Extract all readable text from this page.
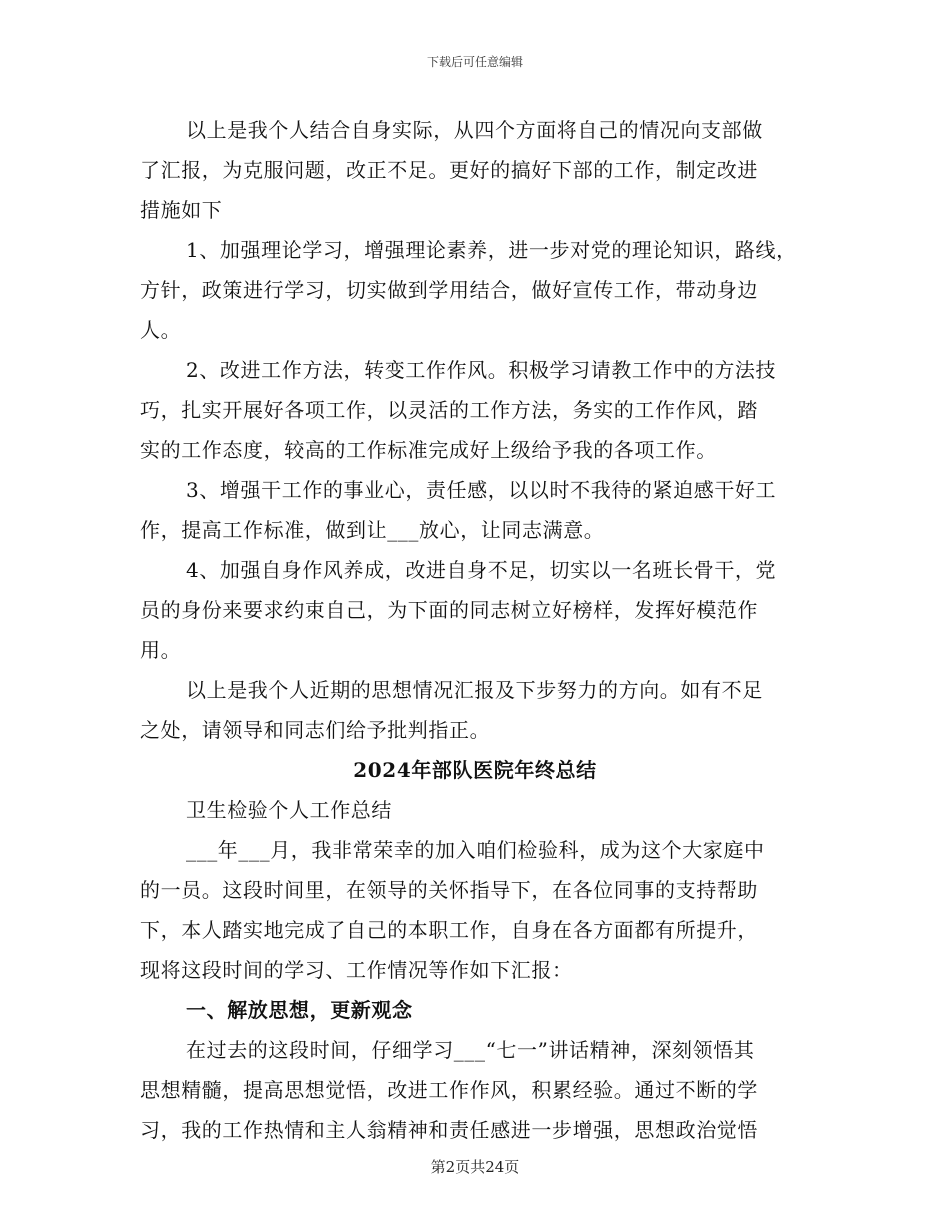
下载后可任意编辑
以上是我个人结合自身实际，从四个方面将自己的情况向支部做
了汇报，为克服问题，改正不足。更好的搞好下部的工作，制定改进
措施如下
1、加强理论学习，增强理论素养，进一步对党的理论知识，路线，
方针，政策进行学习，切实做到学用结合，做好宣传工作，带动身边
人。
2、改进工作方法，转变工作作风。积极学习请教工作中的方法技
巧，扎实开展好各项工作，以灵活的工作方法，务实的工作作风，踏
实的工作态度，较高的工作标准完成好上级给予我的各项工作。
3、增强干工作的事业心，责任感，以以时不我待的紧迫感干好工
作，提高工作标准，做到让___放心，让同志满意。
4、加强自身作风养成，改进自身不足，切实以一名班长骨干，党
员的身份来要求约束自己，为下面的同志树立好榜样，发挥好模范作
用。
以上是我个人近期的思想情况汇报及下步努力的方向。如有不足
之处，请领导和同志们给予批判指正。
2024年部队医院年终总结
卫生检验个人工作总结
___年___月，我非常荣幸的加入咱们检验科，成为这个大家庭中
的一员。这段时间里，在领导的关怀指导下，在各位同事的支持帮助
下，本人踏实地完成了自己的本职工作，自身在各方面都有所提升，
现将这段时间的学习、工作情况等作如下汇报：
一、解放思想，更新观念
在过去的这段时间，仔细学习___“七一”讲话精神，深刻领悟其
思想精髓，提高思想觉悟，改进工作作风，积累经验。通过不断的学
习，我的工作热情和主人翁精神和责任感进一步增强，思想政治觉悟
第2页共24页
